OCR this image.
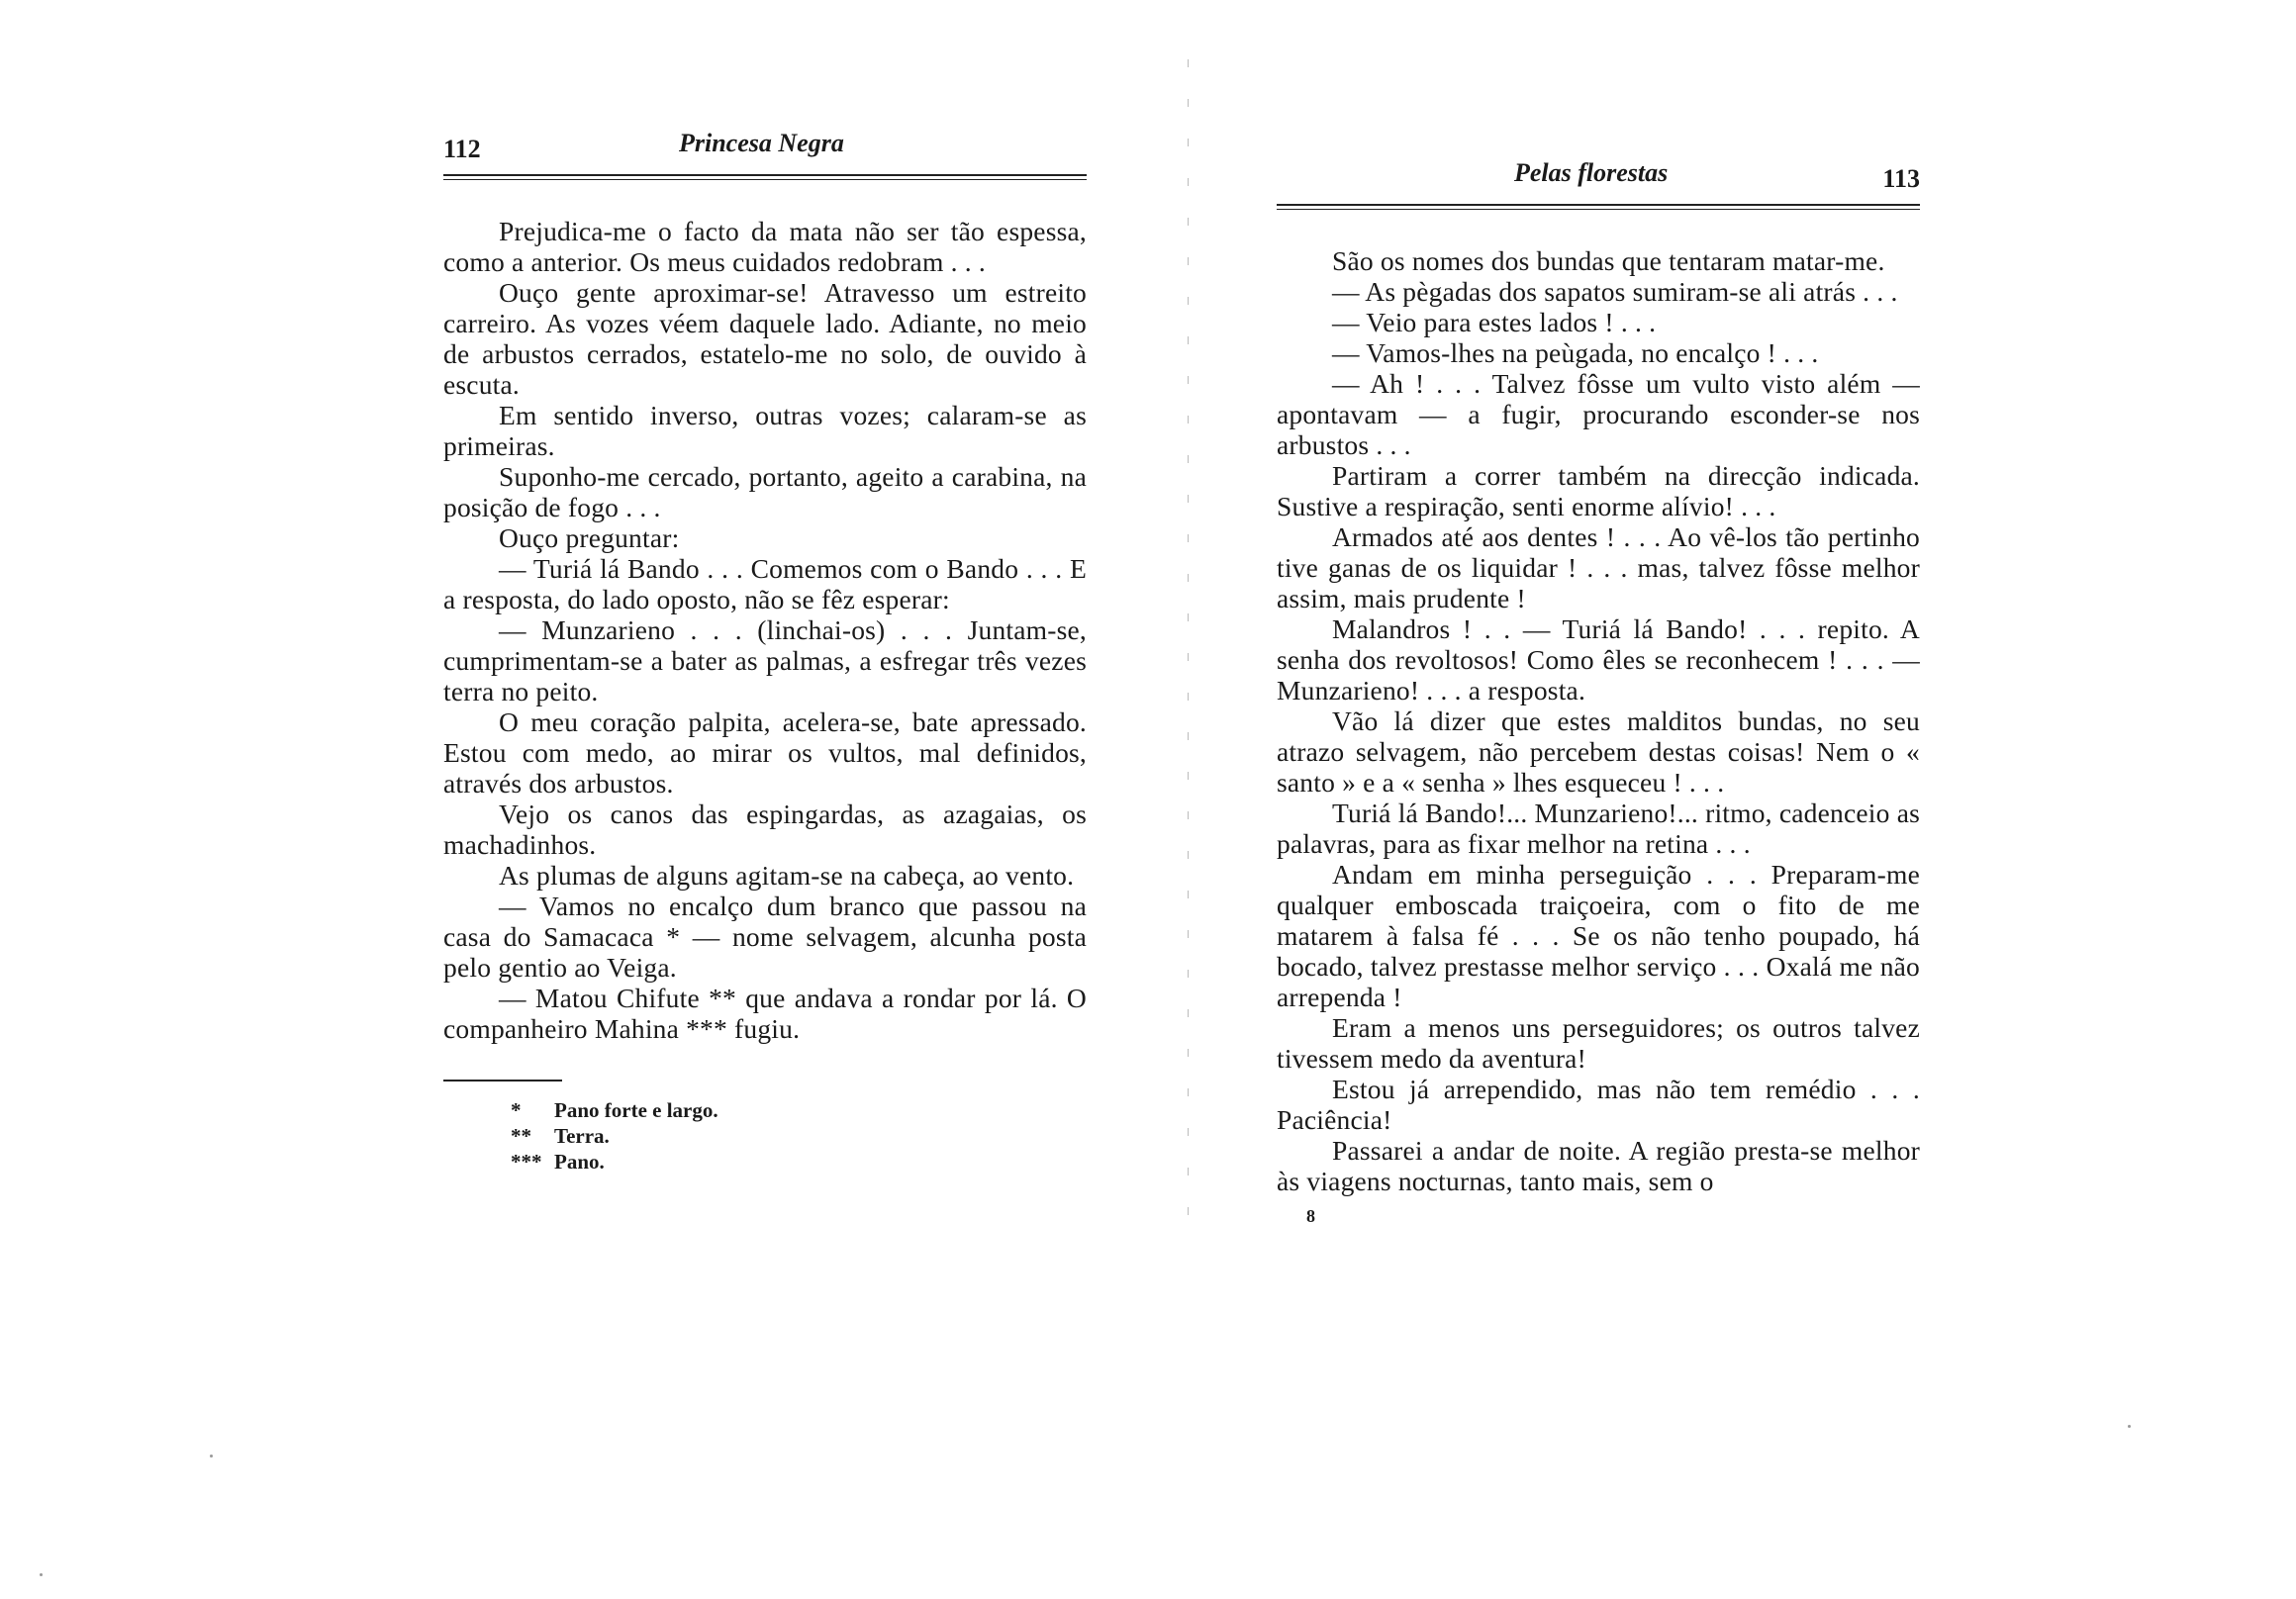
112	Princesa Negra

Prejudica-me o facto da mata não ser tão espessa, como a anterior. Os meus cuidados redobram . . .

Ouço gente aproximar-se! Atravesso um estreito carreiro. As vozes véem daquele lado. Adiante, no meio de arbustos cerrados, estatelo-me no solo, de ouvido à escuta.

Em sentido inverso, outras vozes; calaram-se as primeiras.

Suponho-me cercado, portanto, ageito a carabina, na posição de fogo . . .

Ouço preguntar:

— Turiá lá Bando . . . Comemos com o Bando . . . E a resposta, do lado oposto, não se fêz esperar:

— Munzarieno . . . (linchai-os) . . . Juntam-se, cumprimentam-se a bater as palmas, a esfregar três vezes terra no peito.

O meu coração palpita, acelera-se, bate apressado. Estou com medo, ao mirar os vultos, mal definidos, através dos arbustos.

Vejo os canos das espingardas, as azagaias, os machadinhos.

As plumas de alguns agitam-se na cabeça, ao vento.

— Vamos no encalço dum branco que passou na casa do Samacaca * — nome selvagem, alcunha posta pelo gentio ao Veiga.

— Matou Chifute ** que andava a rondar por lá. O companheiro Mahina *** fugiu.

* Pano forte e largo.
** Terra.
*** Pano.
Pelas florestas	113

São os nomes dos bundas que tentaram matar-me.

— As pègadas dos sapatos sumiram-se ali atrás . . .

— Veio para estes lados ! . . .

— Vamos-lhes na peùgada, no encalço ! . . .

— Ah ! . . . Talvez fôsse um vulto visto além — apontavam — a fugir, procurando esconder-se nos arbustos . . .

Partiram a correr também na direcção indicada. Sustive a respiração, senti enorme alívio! . . .

Armados até aos dentes ! . . . Ao vê-los tão pertinho tive ganas de os liquidar ! . . . mas, talvez fôsse melhor assim, mais prudente !

Malandros ! . . — Turiá lá Bando! . . . repito. A senha dos revoltosos! Como êles se reconhecem ! . . . — Munzarieno! . . . a resposta.

Vão lá dizer que estes malditos bundas, no seu atrazo selvagem, não percebem destas coisas! Nem o « santo » e a « senha » lhes esqueceu ! . . .

Turiá lá Bando!... Munzarieno!... ritmo, cadenceio as palavras, para as fixar melhor na retina . . .

Andam em minha perseguição . . . Preparam-me qualquer emboscada traiçoeira, com o fito de me matarem à falsa fé . . . Se os não tenho poupado, há bocado, talvez prestasse melhor serviço . . . Oxalá me não arrependa !

Eram a menos uns perseguidores; os outros talvez tivessem medo da aventura!

Estou já arrependido, mas não tem remédio . . . Paciência!

Passarei a andar de noite. A região presta-se melhor às viagens nocturnas, tanto mais, sem o

8
